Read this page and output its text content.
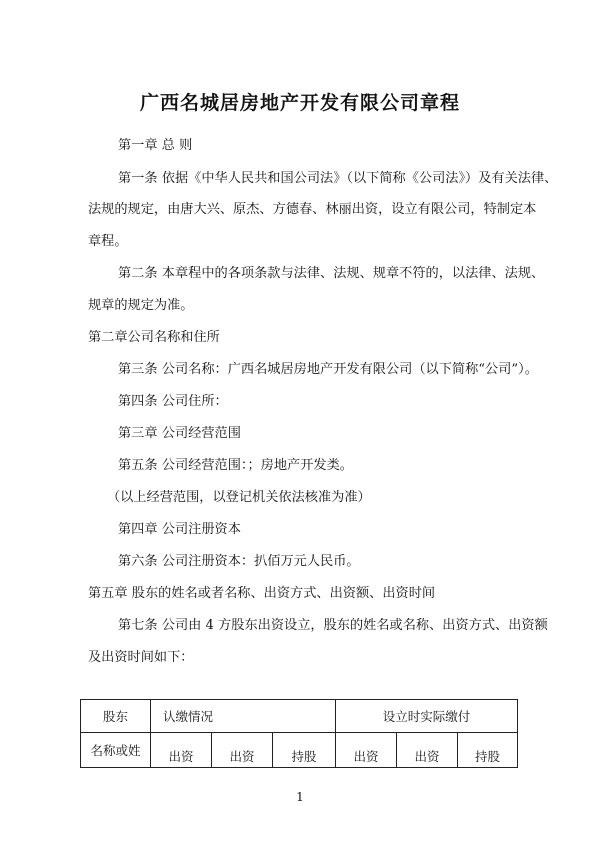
广西名城居房地产开发有限公司章程

第一章 总 则

第一条 依据《中华人民共和国公司法》（以下简称《公司法》）及有关法律、

法规的规定，由唐大兴、原杰、方德春、林丽出资，设立有限公司，特制定本

章程。

第二条 本章程中的各项条款与法律、法规、规章不符的，以法律、法规、

规章的规定为准。

第二章公司名称和住所

第三条 公司名称：广西名城居房地产开发有限公司（以下简称“公司”）。

第四条 公司住所：

第三章 公司经营范围

第五条 公司经营范围：；房地产开发类。

（以上经营范围，以登记机关依法核准为准）

第四章 公司注册资本

第六条 公司注册资本：扒佰万元人民币。

第五章 股东的姓名或者名称、出资方式、出资额、出资时间

第七条 公司由 4 方股东出资设立，股东的姓名或名称、出资方式、出资额

及出资时间如下：

股东	认缴情况			设立时实际缴付		
名称或姓	出资	出资	持股	出资	出资	持股
1
